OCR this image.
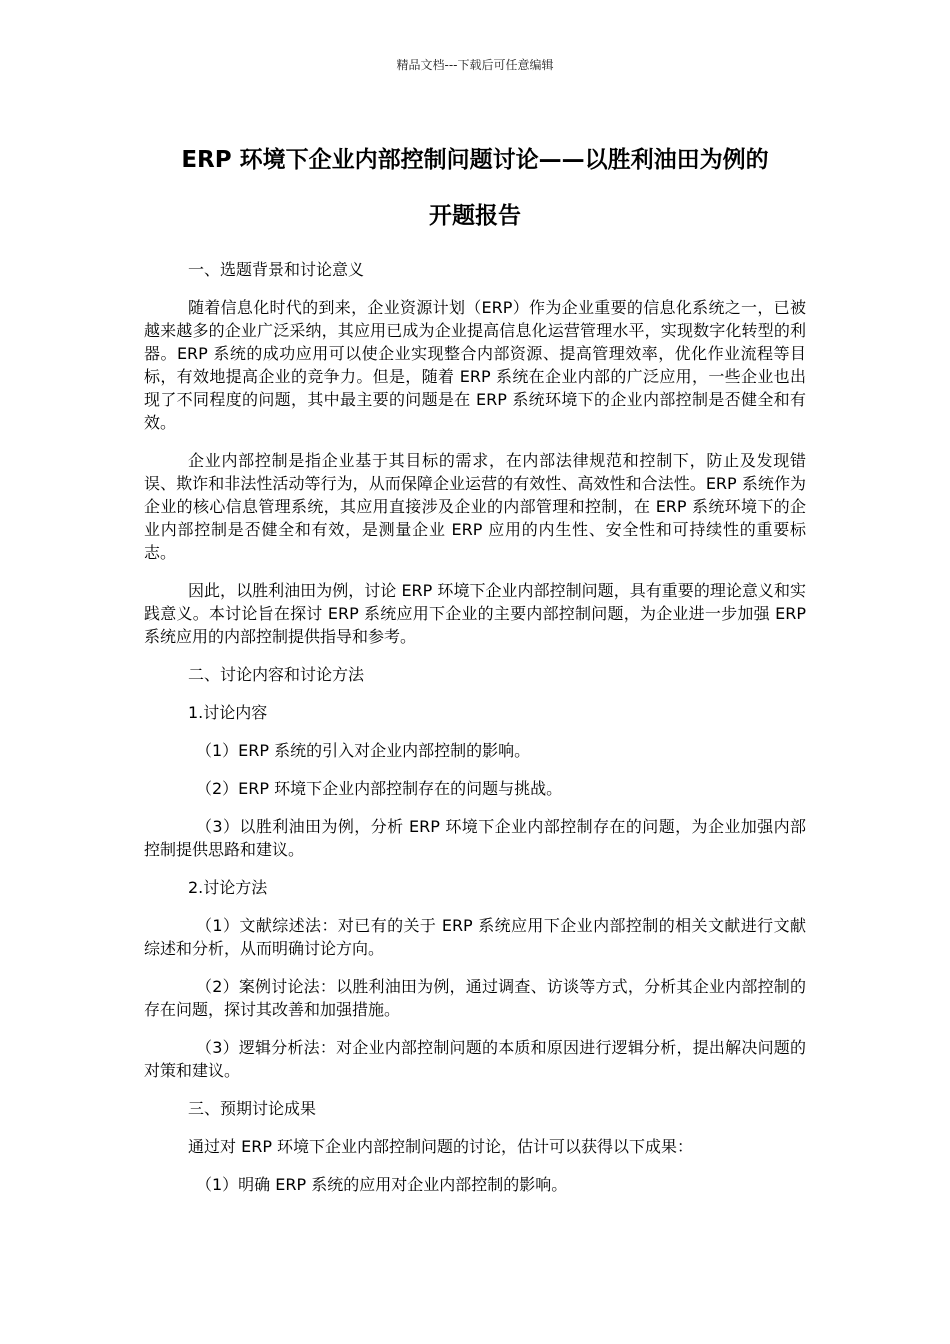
精品文档---下载后可任意编辑
ERP 环境下企业内部控制问题讨论——以胜利油田为例的
开题报告

一、选题背景和讨论意义

随着信息化时代的到来，企业资源计划（ERP）作为企业重要的信息化系统之一，已被越来越多的企业广泛采纳，其应用已成为企业提高信息化运营管理水平，实现数字化转型的利器。ERP 系统的成功应用可以使企业实现整合内部资源、提高管理效率，优化作业流程等目标，有效地提高企业的竞争力。但是，随着 ERP 系统在企业内部的广泛应用，一些企业也出现了不同程度的问题，其中最主要的问题是在 ERP 系统环境下的企业内部控制是否健全和有效。

企业内部控制是指企业基于其目标的需求，在内部法律规范和控制下，防止及发现错误、欺诈和非法性活动等行为，从而保障企业运营的有效性、高效性和合法性。ERP 系统作为企业的核心信息管理系统，其应用直接涉及企业的内部管理和控制，在 ERP 系统环境下的企业内部控制是否健全和有效，是测量企业 ERP 应用的内生性、安全性和可持续性的重要标志。

因此，以胜利油田为例，讨论 ERP 环境下企业内部控制问题，具有重要的理论意义和实践意义。本讨论旨在探讨 ERP 系统应用下企业的主要内部控制问题，为企业进一步加强 ERP 系统应用的内部控制提供指导和参考。

二、讨论内容和讨论方法

1.讨论内容

（1）ERP 系统的引入对企业内部控制的影响。

（2）ERP 环境下企业内部控制存在的问题与挑战。

（3）以胜利油田为例，分析 ERP 环境下企业内部控制存在的问题，为企业加强内部控制提供思路和建议。

2.讨论方法

（1）文献综述法：对已有的关于 ERP 系统应用下企业内部控制的相关文献进行文献综述和分析，从而明确讨论方向。

（2）案例讨论法：以胜利油田为例，通过调查、访谈等方式，分析其企业内部控制的存在问题，探讨其改善和加强措施。

（3）逻辑分析法：对企业内部控制问题的本质和原因进行逻辑分析，提出解决问题的对策和建议。

三、预期讨论成果

通过对 ERP 环境下企业内部控制问题的讨论，估计可以获得以下成果：

（1）明确 ERP 系统的应用对企业内部控制的影响。
